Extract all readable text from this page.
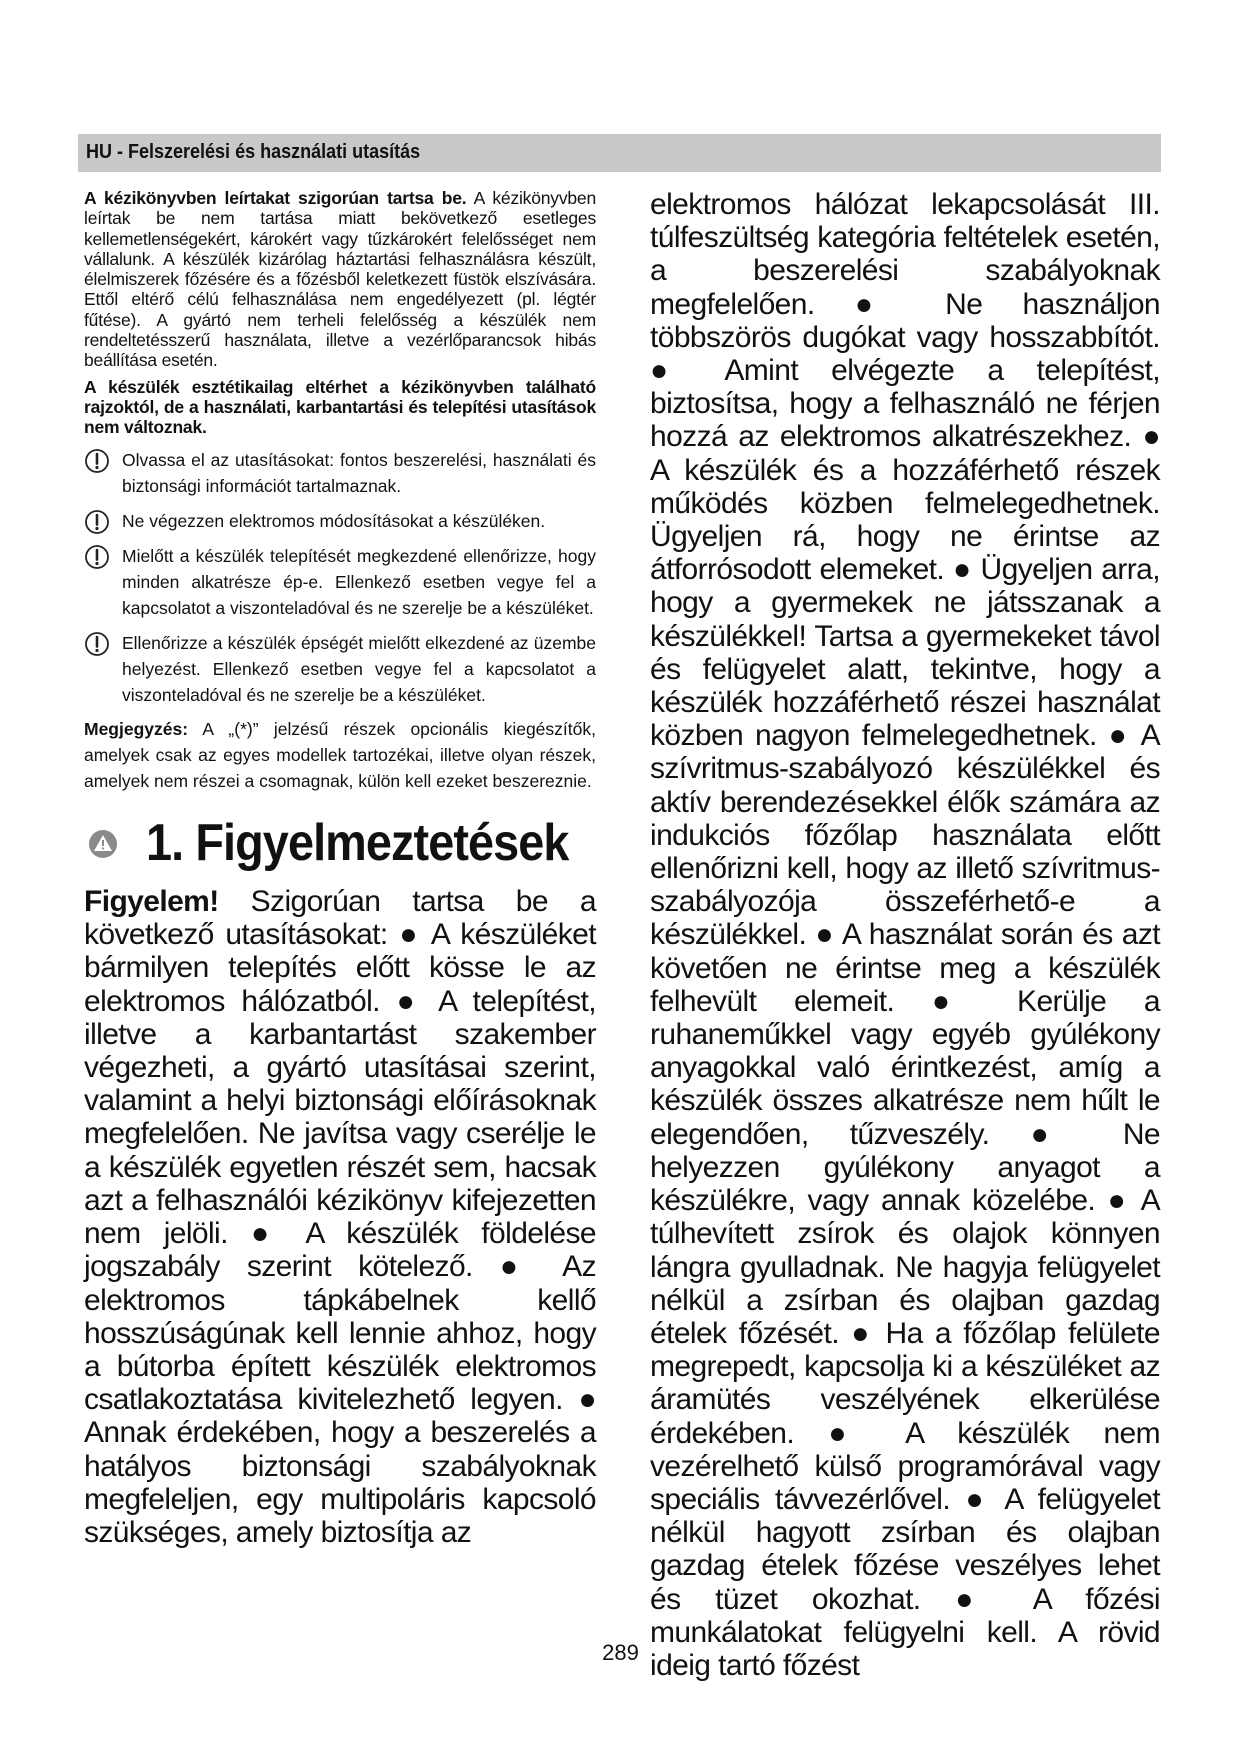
HU - Felszerelési és használati utasítás

A kézikönyvben leírtakat szigorúan tartsa be. A kézikönyvben leírtak be nem tartása miatt bekövetkező esetleges kellemetlenségekért, károkért vagy tűzkárokért felelősséget nem vállalunk. A készülék kizárólag háztartási felhasználásra készült, élelmiszerek főzésére és a főzésből keletkezett füstök elszívására. Ettől eltérő célú felhasználása nem engedélyezett (pl. légtér fűtése). A gyártó nem terheli felelősség a készülék nem rendeltetésszerű használata, illetve a vezérlőparancsok hibás beállítása esetén.

A készülék esztétikailag eltérhet a kézikönyvben található rajzoktól, de a használati, karbantartási és telepítési utasítások nem változnak.

Olvassa el az utasításokat: fontos beszerelési, használati és biztonsági információt tartalmaznak.
Ne végezzen elektromos módosításokat a készüléken.
Mielőtt a készülék telepítését megkezdené ellenőrizze, hogy minden alkatrésze ép-e. Ellenkező esetben vegye fel a kapcsolatot a viszonteladóval és ne szerelje be a készüléket.
Ellenőrizze a készülék épségét mielőtt elkezdené az üzembe helyezést. Ellenkező esetben vegye fel a kapcsolatot a viszonteladóval és ne szerelje be a készüléket.

Megjegyzés: A „(*)” jelzésű részek opcionális kiegészítők, amelyek csak az egyes modellek tartozékai, illetve olyan részek, amelyek nem részei a csomagnak, külön kell ezeket beszereznie.

1. Figyelmeztetések

Figyelem! Szigorúan tartsa be a következő utasításokat: ● A készüléket bármilyen telepítés előtt kösse le az elektromos hálózatból. ● A telepítést, illetve a karbantartást szakember végezheti, a gyártó utasításai szerint, valamint a helyi biztonsági előírásoknak megfelelően. Ne javítsa vagy cserélje le a készülék egyetlen részét sem, hacsak azt a felhasználói kézikönyv kifejezetten nem jelöli. ● A készülék földelése jogszabály szerint kötelező. ● Az elektromos tápkábelnek kellő hosszúságúnak kell lennie ahhoz, hogy a bútorba épített készülék elektromos csatlakoztatása kivitelezhető legyen. ● Annak érdekében, hogy a beszerelés a hatályos biztonsági szabályoknak megfeleljen, egy multipoláris kapcsoló szükséges, amely biztosítja az

elektromos hálózat lekapcsolását III. túlfeszültség kategória feltételek esetén, a beszerelési szabályoknak megfelelően. ● Ne használjon többszörös dugókat vagy hosszabbítót. ● Amint elvégezte a telepítést, biztosítsa, hogy a felhasználó ne férjen hozzá az elektromos alkatrészekhez. ● A készülék és a hozzáférhető részek működés közben felmelegedhetnek. Ügyeljen rá, hogy ne érintse az átforrósodott elemeket. ● Ügyeljen arra, hogy a gyermekek ne játsszanak a készülékkel! Tartsa a gyermekeket távol és felügyelet alatt, tekintve, hogy a készülék hozzáférhető részei használat közben nagyon felmelegedhetnek. ● A szívritmus-szabályozó készülékkel és aktív berendezésekkel élők számára az indukciós főzőlap használata előtt ellenőrizni kell, hogy az illető szívritmus-szabályozója összeférhető-e a készülékkel. ● A használat során és azt követően ne érintse meg a készülék felhevült elemeit. ● Kerülje a ruhaneműkkel vagy egyéb gyúlékony anyagokkal való érintkezést, amíg a készülék összes alkatrésze nem hűlt le elegendően, tűzveszély. ● Ne helyezzen gyúlékony anyagot a készülékre, vagy annak közelébe. ● A túlhevített zsírok és olajok könnyen lángra gyulladnak. Ne hagyja felügyelet nélkül a zsírban és olajban gazdag ételek főzését. ● Ha a főzőlap felülete megrepedt, kapcsolja ki a készüléket az áramütés veszélyének elkerülése érdekében. ● A készülék nem vezérelhető külső programórával vagy speciális távvezérlővel. ● A felügyelet nélkül hagyott zsírban és olajban gazdag ételek főzése veszélyes lehet és tüzet okozhat. ● A főzési munkálatokat felügyelni kell. A rövid ideig tartó főzést

289
